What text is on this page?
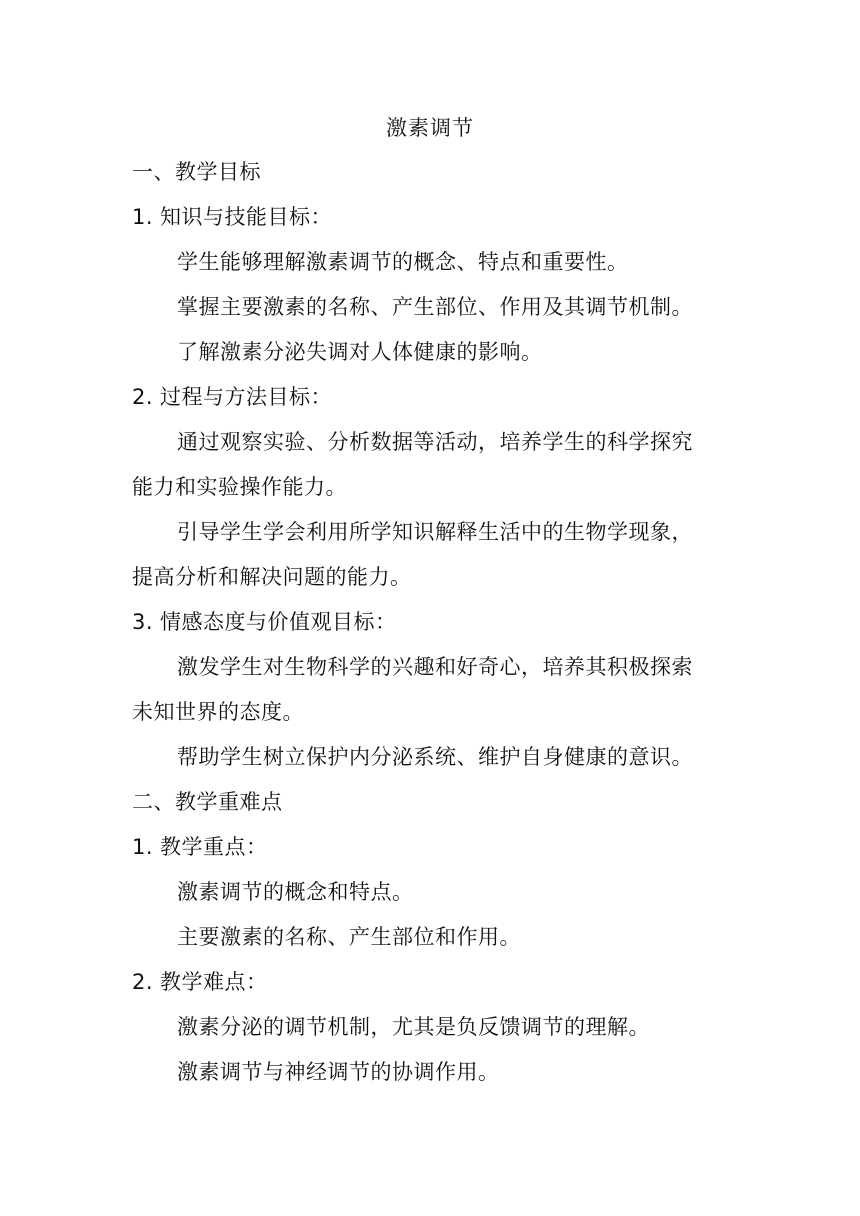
激素调节
一、教学目标
1. 知识与技能目标：
学生能够理解激素调节的概念、特点和重要性。
掌握主要激素的名称、产生部位、作用及其调节机制。
了解激素分泌失调对人体健康的影响。
2. 过程与方法目标：
通过观察实验、分析数据等活动，培养学生的科学探究
能力和实验操作能力。
引导学生学会利用所学知识解释生活中的生物学现象，
提高分析和解决问题的能力。
3. 情感态度与价值观目标：
激发学生对生物科学的兴趣和好奇心，培养其积极探索
未知世界的态度。
帮助学生树立保护内分泌系统、维护自身健康的意识。
二、教学重难点
1. 教学重点：
激素调节的概念和特点。
主要激素的名称、产生部位和作用。
2. 教学难点：
激素分泌的调节机制，尤其是负反馈调节的理解。
激素调节与神经调节的协调作用。
